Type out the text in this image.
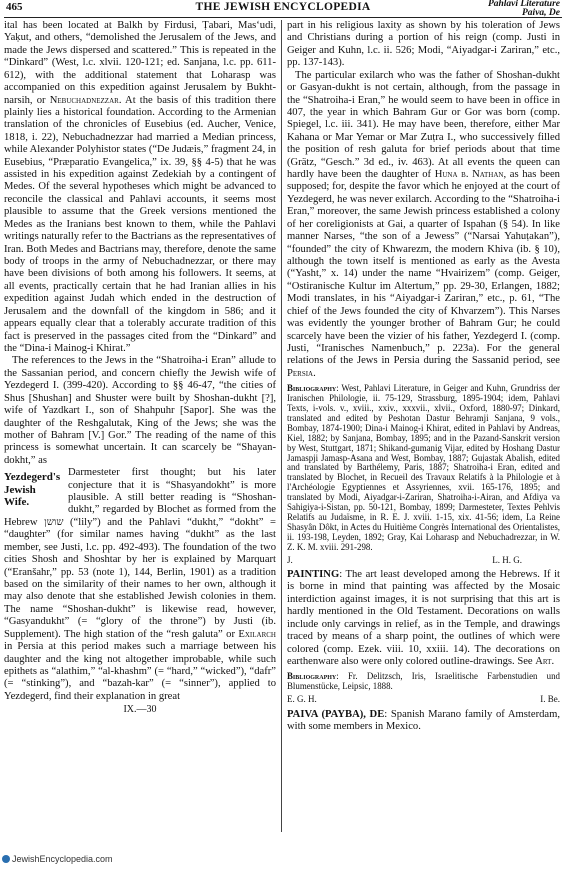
465	THE JEWISH ENCYCLOPEDIA	Pahlavi Literature
Paiva, De

ital has been located at Balkh by Firdusi, Ṭabari, Mas‘udi, Yaḳut, and others, “demolished the Jerusalem of the Jews, and made the Jews dispersed and scattered.” This is repeated in the “Dinkard” (West, l.c. xlvii. 120-121; ed. Sanjana, l.c. pp. 611-612), with the additional statement that Loharasp was accompanied on this expedition against Jerusalem by Bukht-narsih, or Nebuchadnezzar. At the basis of this tradition there plainly lies a historical foundation. According to the Armenian translation of the chronicles of Eusebius (ed. Aucher, Venice, 1818, i. 22), Nebuchadnezzar had married a Median princess, while Alexander Polyhistor states (“De Judæis,” fragment 24, in Eusebius, “Præparatio Evangelica,” ix. 39, §§ 4-5) that he was assisted in his expedition against Zedekiah by a contingent of Medes. Of the several hypotheses which might be advanced to reconcile the classical and Pahlavi accounts, it seems most plausible to assume that the Greek versions mentioned the Medes as the Iranians best known to them, while the Pahlavi writings naturally refer to the Bactrians as the representatives of Iran. Both Medes and Bactrians may, therefore, denote the same body of troops in the army of Nebuchadnezzar, or there may have been divisions of both among his followers. It seems, at all events, practically certain that he had Iranian allies in his expedition against Judah which ended in the destruction of Jerusalem and the downfall of the kingdom in 586; and it appears equally clear that a tolerably accurate tradition of this fact is preserved in the passages cited from the “Dinkard” and the “Dina-i Mainog-i Khirat.”

The references to the Jews in the “Shatroiha-i Eran” allude to the Sassanian period, and concern chiefly the Jewish wife of Yezdegerd I. (399-420). According to §§ 46-47, “the cities of Shus [Shushan] and Shuster were built by Shoshan-dukht [?], wife of Yazdkart I., son of Shahpuhr [Sapor]. She was the daughter of the Reshgalutak, King of the Jews; she was the mother of Bahram [V.] Gor.” The reading of the name of this princess is somewhat uncertain. It can scarcely be “Shayan-dokht,” as

Yezdegerd's Jewish Wife.

Darmesteter first thought; but his later conjecture that it is “Shasyandokht” is more plausible. A still better reading is “Shoshan-dukht,” regarded by Blochet as formed from the Hebrew שושן (“lily”) and the Pahlavi “dukht,” “dokht” = “daughter” (for similar names having “dukht” as the last member, see Justi, l.c. pp. 492-493). The foundation of the two cities Shosh and Shoshtar by her is explained by Marquart (“Eranšahr,” pp. 53 (note 1), 144, Berlin, 1901) as a tradition based on the similarity of their names to her own, although it may also denote that she established Jewish colonies in them. The name “Shoshan-dukht” is likewise read, however, “Gasyandukht” (= “glory of the throne”) by Justi (ib. Supplement). The high station of the “resh galuta” or Exilarch in Persia at this period makes such a marriage between his daughter and the king not altogether improbable, while such epithets as “alathim,” “al-khashm” (= “hard,” “wicked”), “dafr” (= “stinking”), and “bazah-kar” (= “sinner”), applied to Yezdegerd, find their explanation in great

IX.—30

part in his religious laxity as shown by his toleration of Jews and Christians during a portion of his reign (comp. Justi in Geiger and Kuhn, l.c. ii. 526; Modi, “Aiyadgar-i Zariran,” etc., pp. 137-143).

The particular exilarch who was the father of Shoshan-dukht or Gasyan-dukht is not certain, although, from the passage in the “Shatroiha-i Eran,” he would seem to have been in office in 407, the year in which Bahram Gur or Gor was born (comp. Spiegel, l.c. iii. 341). He may have been, therefore, either Mar Kahana or Mar Yemar or Mar Zuṭra I., who successively filled the position of resh galuta for brief periods about that time (Grätz, “Gesch.” 3d ed., iv. 463). At all events the queen can hardly have been the daughter of Huna b. Nathan, as has been supposed; for, despite the favor which he enjoyed at the court of Yezdegerd, he was never exilarch. According to the “Shatroiha-i Eran,” moreover, the same Jewish princess established a colony of her coreligionists at Gai, a quarter of Ispahan (§ 54). In like manner Narses, “the son of a Jewess” (“Narsai Yahuṭakan”), “founded” the city of Khwarezm, the modern Khiva (ib. § 10), although the town itself is mentioned as early as the Avesta (“Yasht,” x. 14) under the name “Hvairizem” (comp. Geiger, “Ostiranische Kultur im Altertum,” pp. 29-30, Erlangen, 1882; Modi translates, in his “Aiyadgar-i Zariran,” etc., p. 61, “The chief of the Jews founded the city of Khvarzem”). This Narses was evidently the younger brother of Bahram Gur; he could scarcely have been the vizier of his father, Yezdegerd I. (comp. Justi, “Iranisches Namenbuch,” p. 223a). For the general relations of the Jews in Persia during the Sassanid period, see Persia.

Bibliography: West, Pahlavi Literature, in Geiger and Kuhn, Grundriss der Iranischen Philologie, ii. 75-129, Strassburg, 1895-1904; idem, Pahlavi Texts, i-vols. v., xviii., xxiv., xxxvii., xlvii., Oxford, 1880-97; Dinkard, translated and edited by Peshotan Dastur Behramji Sanjana, 9 vols., Bombay, 1874-1900; Dina-i Mainog-i Khirat, edited in Pahlavi by Andreas, Kiel, 1882; by Sanjana, Bombay, 1895; and in the Pazand-Sanskrit version by West, Stuttgart, 1871; Shikand-gumanig Vijar, edited by Hoshang Dastur Jamaspji Jamasp-Asana and West, Bombay, 1887; Gujastak Abalish, edited and translated by Barthélemy, Paris, 1887; Shatroiha-i Eran, edited and translated by Blochet, in Recueil des Travaux Relatifs à la Philologie et à l'Archéologie Egyptiennes et Assyriennes, xvii. 165-176, 1895; and translated by Modi, Aiyadgar-i-Zariran, Shatroiha-i-Airan, and Afdiya va Sahigiya-i-Sistan, pp. 50-121, Bombay, 1899; Darmesteter, Textes Pehlvis Relatifs au Judaïsme, in R. E. J. xviii. 1-15, xix. 41-56; idem, La Reine Shasyân Dôkt, in Actes du Huitième Congrès International des Orientalistes, ii. 193-198, Leyden, 1892; Gray, Kai Loharasp and Nebuchadrezzar, in W. Z. K. M. xviii. 291-298.

J.	L. H. G.

PAINTING: The art least developed among the Hebrews. If it is borne in mind that painting was affected by the Mosaic interdiction against images, it is not surprising that this art is hardly mentioned in the Old Testament. Decorations on walls include only carvings in relief, as in the Temple, and drawings traced by means of a sharp point, the outlines of which were colored (comp. Ezek. viii. 10, xxiii. 14). The decorations on earthenware also were only colored outline-drawings. See Art.

Bibliography: Fr. Delitzsch, Iris, Israelitische Farbenstudien und Blumenstücke, Leipsic, 1888.

E. G. H.	I. Be.

PAIVA (PAYBA), DE: Spanish Marano family of Amsterdam, with some members in Mexico.

JewishEncyclopedia.com
